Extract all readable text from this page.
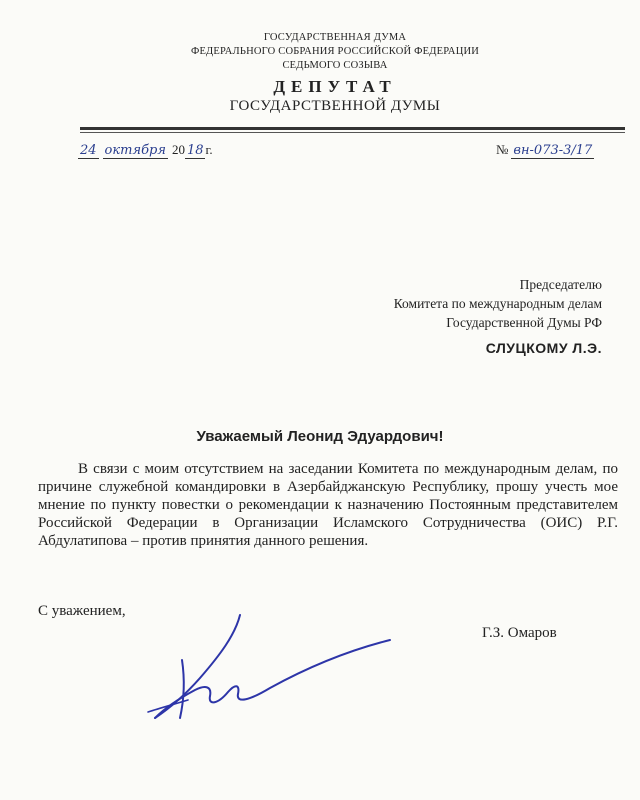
ГОСУДАРСТВЕННАЯ ДУМА
ФЕДЕРАЛЬНОГО СОБРАНИЯ РОССИЙСКОЙ ФЕДЕРАЦИИ
СЕДЬМОГО СОЗЫВА
ДЕПУТАТ
ГОСУДАРСТВЕННОЙ ДУМЫ
24 октября 20 18 г.	№ вн-073-3/17
Председателю
Комитета по международным делам
Государственной Думы РФ
СЛУЦКОМУ Л.Э.
Уважаемый Леонид Эдуардович!
В связи с моим отсутствием на заседании Комитета по международным делам, по причине служебной командировки в Азербайджанскую Республику, прошу учесть мое мнение по пункту повестки о рекомендации к назначению Постоянным представителем Российской Федерации в Организации Исламского Сотрудничества (ОИС) Р.Г. Абдулатипова – против принятия данного решения.
С уважением,
Г.З. Омаров
